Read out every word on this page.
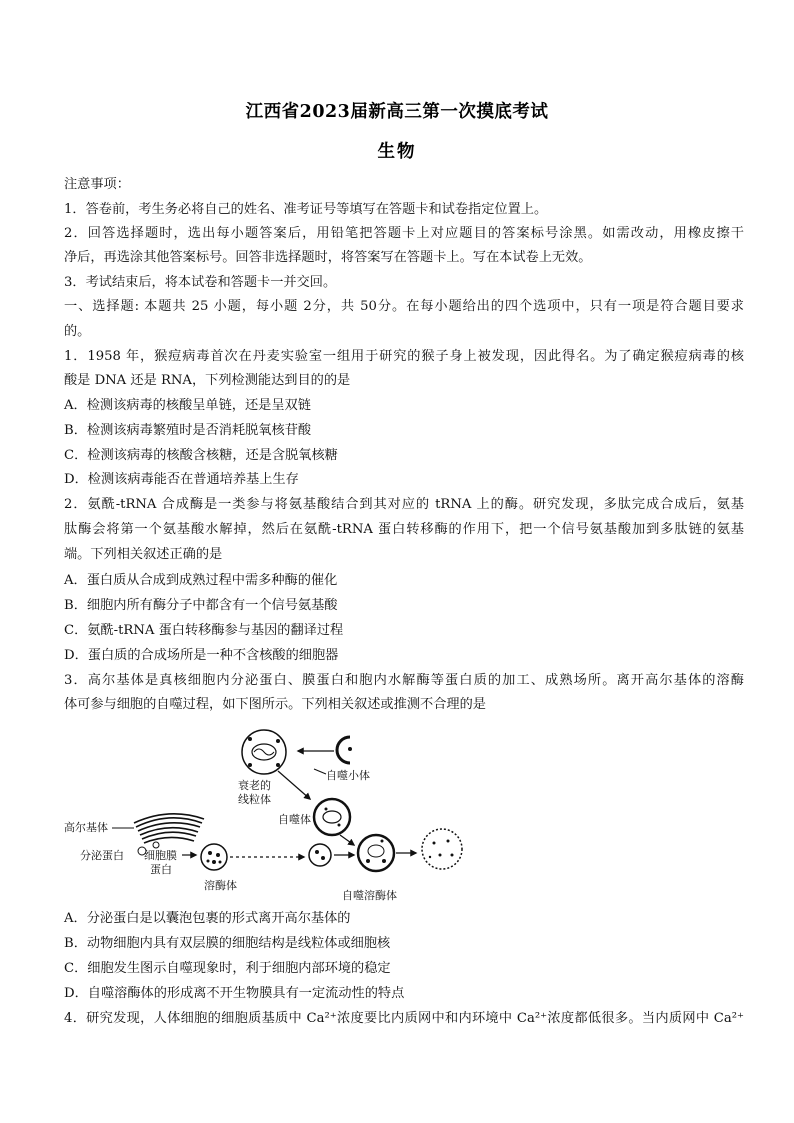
江西省2023届新高三第一次摸底考试
生物
注意事项：
1．答卷前，考生务必将自己的姓名、准考证号等填写在答题卡和试卷指定位置上。
2．回答选择题时，选出每小题答案后，用铅笔把答题卡上对应题目的答案标号涂黑。如需改动，用橡皮擦干
净后，再选涂其他答案标号。回答非选择题时，将答案写在答题卡上。写在本试卷上无效。
3．考试结束后，将本试卷和答题卡一并交回。
一、选择题: 本题共 25 小题，每小题 2分，共 50分。在每小题给出的四个选项中，只有一项是符合题目要求
的。
1．1958 年，猴痘病毒首次在丹麦实验室一组用于研究的猴子身上被发现，因此得名。为了确定猴痘病毒的核
酸是 DNA 还是 RNA，下列检测能达到目的的是
A．检测该病毒的核酸呈单链，还是呈双链
B．检测该病毒繁殖时是否消耗脱氧核苷酸
C．检测该病毒的核酸含核糖，还是含脱氧核糖
D．检测该病毒能否在普通培养基上生存
2．氨酰-tRNA 合成酶是一类参与将氨基酸结合到其对应的 tRNA 上的酶。研究发现，多肽完成合成后，氨基
肽酶会将第一个氨基酸水解掉，然后在氨酰-tRNA 蛋白转移酶的作用下，把一个信号氨基酸加到多肽链的氨基
端。下列相关叙述正确的是
A．蛋白质从合成到成熟过程中需多种酶的催化
B．细胞内所有酶分子中都含有一个信号氨基酸
C．氨酰-tRNA 蛋白转移酶参与基因的翻译过程
D．蛋白质的合成场所是一种不含核酸的细胞器
3．高尔基体是真核细胞内分泌蛋白、膜蛋白和胞内水解酶等蛋白质的加工、成熟场所。离开高尔基体的溶酶
体可参与细胞的自噬过程，如下图所示。下列相关叙述或推测不合理的是
高尔基体
分泌蛋白 细胞膜
蛋白
溶酶体
衰老的
线粒体
自噬小体
自噬体
自噬溶酶体
A．分泌蛋白是以囊泡包裹的形式离开高尔基体的
B．动物细胞内具有双层膜的细胞结构是线粒体或细胞核
C．细胞发生图示自噬现象时，利于细胞内部环境的稳定
D．自噬溶酶体的形成离不开生物膜具有一定流动性的特点
4．研究发现，人体细胞的细胞质基质中 Ca²⁺浓度要比内质网中和内环境中 Ca²⁺浓度都低很多。当内质网中 Ca²⁺
